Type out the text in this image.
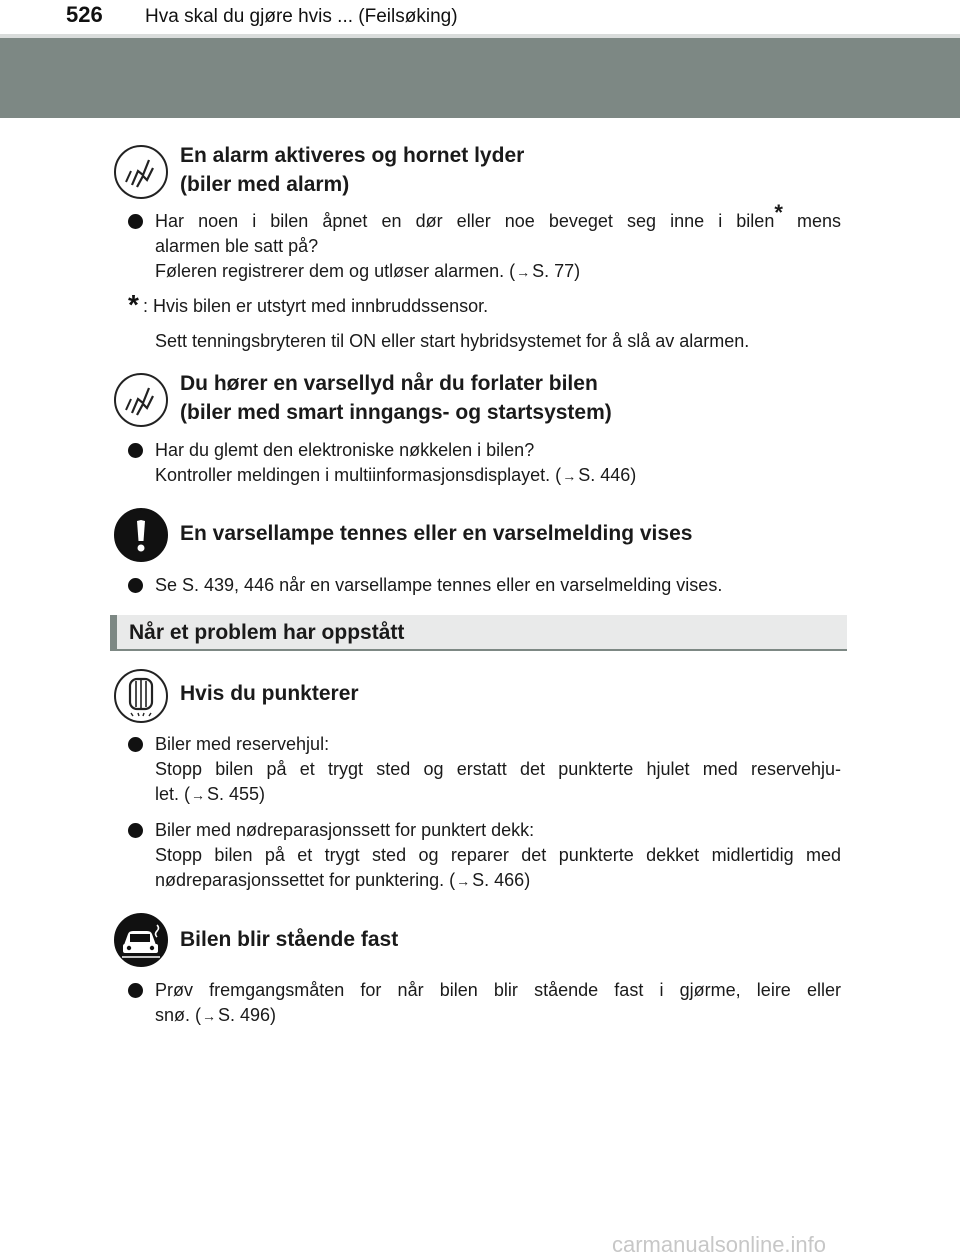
526 Hva skal du gjøre hvis ... (Feilsøking)
En alarm aktiveres og hornet lyder
(biler med alarm)
Har noen i bilen åpnet en dør eller noe beveget seg inne i bilen* mens
alarmen ble satt på?
Føleren registrerer dem og utløser alarmen. (→ S. 77)
* : Hvis bilen er utstyrt med innbruddssensor.
Sett tenningsbryteren til ON eller start hybridsystemet for å slå av alarmen.
Du hører en varsellyd når du forlater bilen
(biler med smart inngangs- og startsystem)
Har du glemt den elektroniske nøkkelen i bilen?
Kontroller meldingen i multiinformasjonsdisplayet. (→ S. 446)
En varsellampe tennes eller en varselmelding vises
Se S. 439, 446 når en varsellampe tennes eller en varselmelding vises.
Når et problem har oppstått
Hvis du punkterer
Biler med reservehjul:
Stopp bilen på et trygt sted og erstatt det punkterte hjulet med reservehju-
let. (→ S. 455)
Biler med nødreparasjonssett for punktert dekk:
Stopp bilen på et trygt sted og reparer det punkterte dekket midlertidig med
nødreparasjonssettet for punktering. (→ S. 466)
Bilen blir stående fast
Prøv fremgangsmåten for når bilen blir stående fast i gjørme, leire eller
snø. (→ S. 496)
carmanualsonline.info
